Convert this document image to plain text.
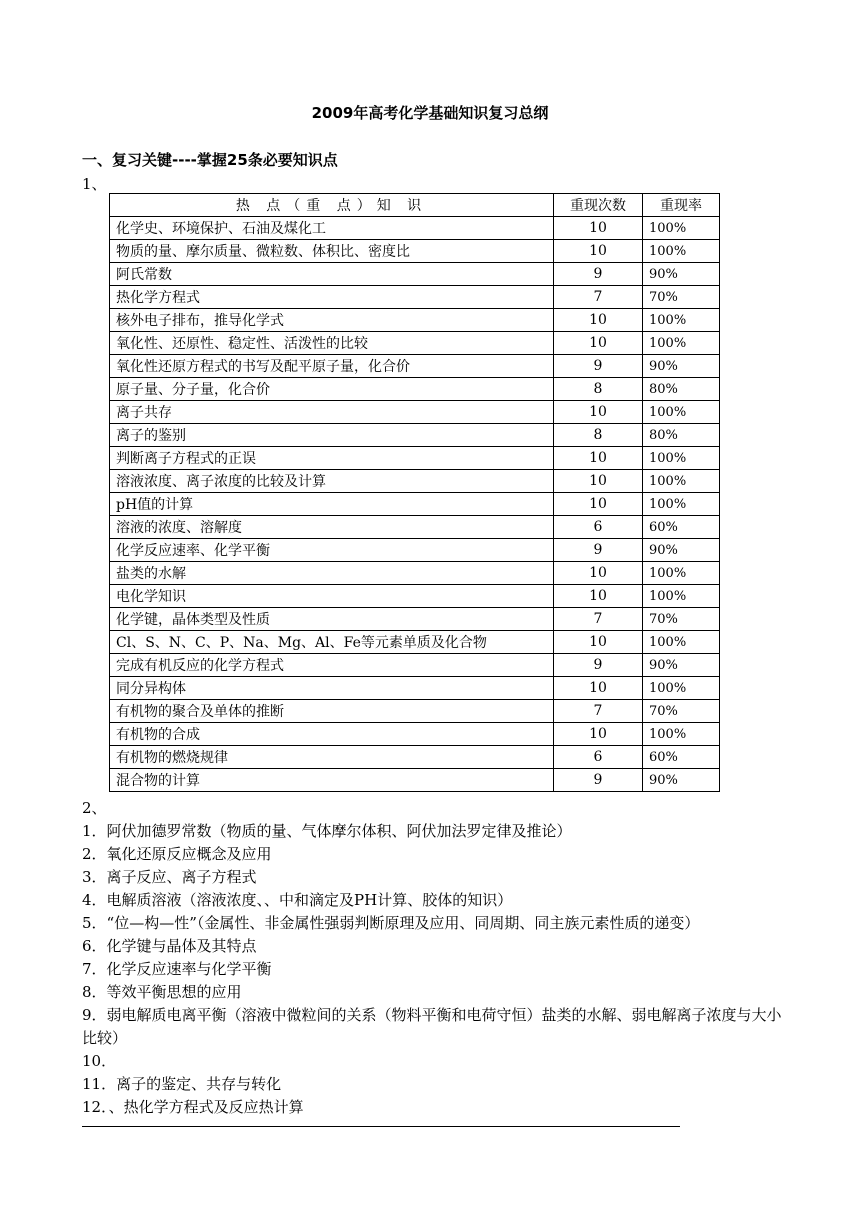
2009年高考化学基础知识复习总纲
一、复习关键----掌握25条必要知识点
1、
热 点（重 点）知 识	重现次数	重现率
化学史、环境保护、石油及煤化工	10	100%
物质的量、摩尔质量、微粒数、体积比、密度比	10	100%
阿氏常数	9	90%
热化学方程式	7	70%
核外电子排布，推导化学式	10	100%
氧化性、还原性、稳定性、活泼性的比较	10	100%
氧化性还原方程式的书写及配平原子量，化合价	9	90%
原子量、分子量，化合价	8	80%
离子共存	10	100%
离子的鉴别	8	80%
判断离子方程式的正误	10	100%
溶液浓度、离子浓度的比较及计算	10	100%
pH值的计算	10	100%
溶液的浓度、溶解度	6	60%
化学反应速率、化学平衡	9	90%
盐类的水解	10	100%
电化学知识	10	100%
化学键，晶体类型及性质	7	70%
Cl、S、N、C、P、Na、Mg、Al、Fe等元素单质及化合物	10	100%
完成有机反应的化学方程式	9	90%
同分异构体	10	100%
有机物的聚合及单体的推断	7	70%
有机物的合成	10	100%
有机物的燃烧规律	6	60%
混合物的计算	9	90%
2、
1．阿伏加德罗常数（物质的量、气体摩尔体积、阿伏加法罗定律及推论）
2．氧化还原反应概念及应用
3．离子反应、离子方程式
4．电解质溶液（溶液浓度、、中和滴定及PH计算、胶体的知识）
5．“位—构—性”（金属性、非金属性强弱判断原理及应用、同周期、同主族元素性质的递变）
6．化学键与晶体及其特点
7．化学反应速率与化学平衡
8．等效平衡思想的应用
9．弱电解质电离平衡（溶液中微粒间的关系（物料平衡和电荷守恒）盐类的水解、弱电解离子浓度与大小比较）
10．
11．离子的鉴定、共存与转化
12．、热化学方程式及反应热计算
